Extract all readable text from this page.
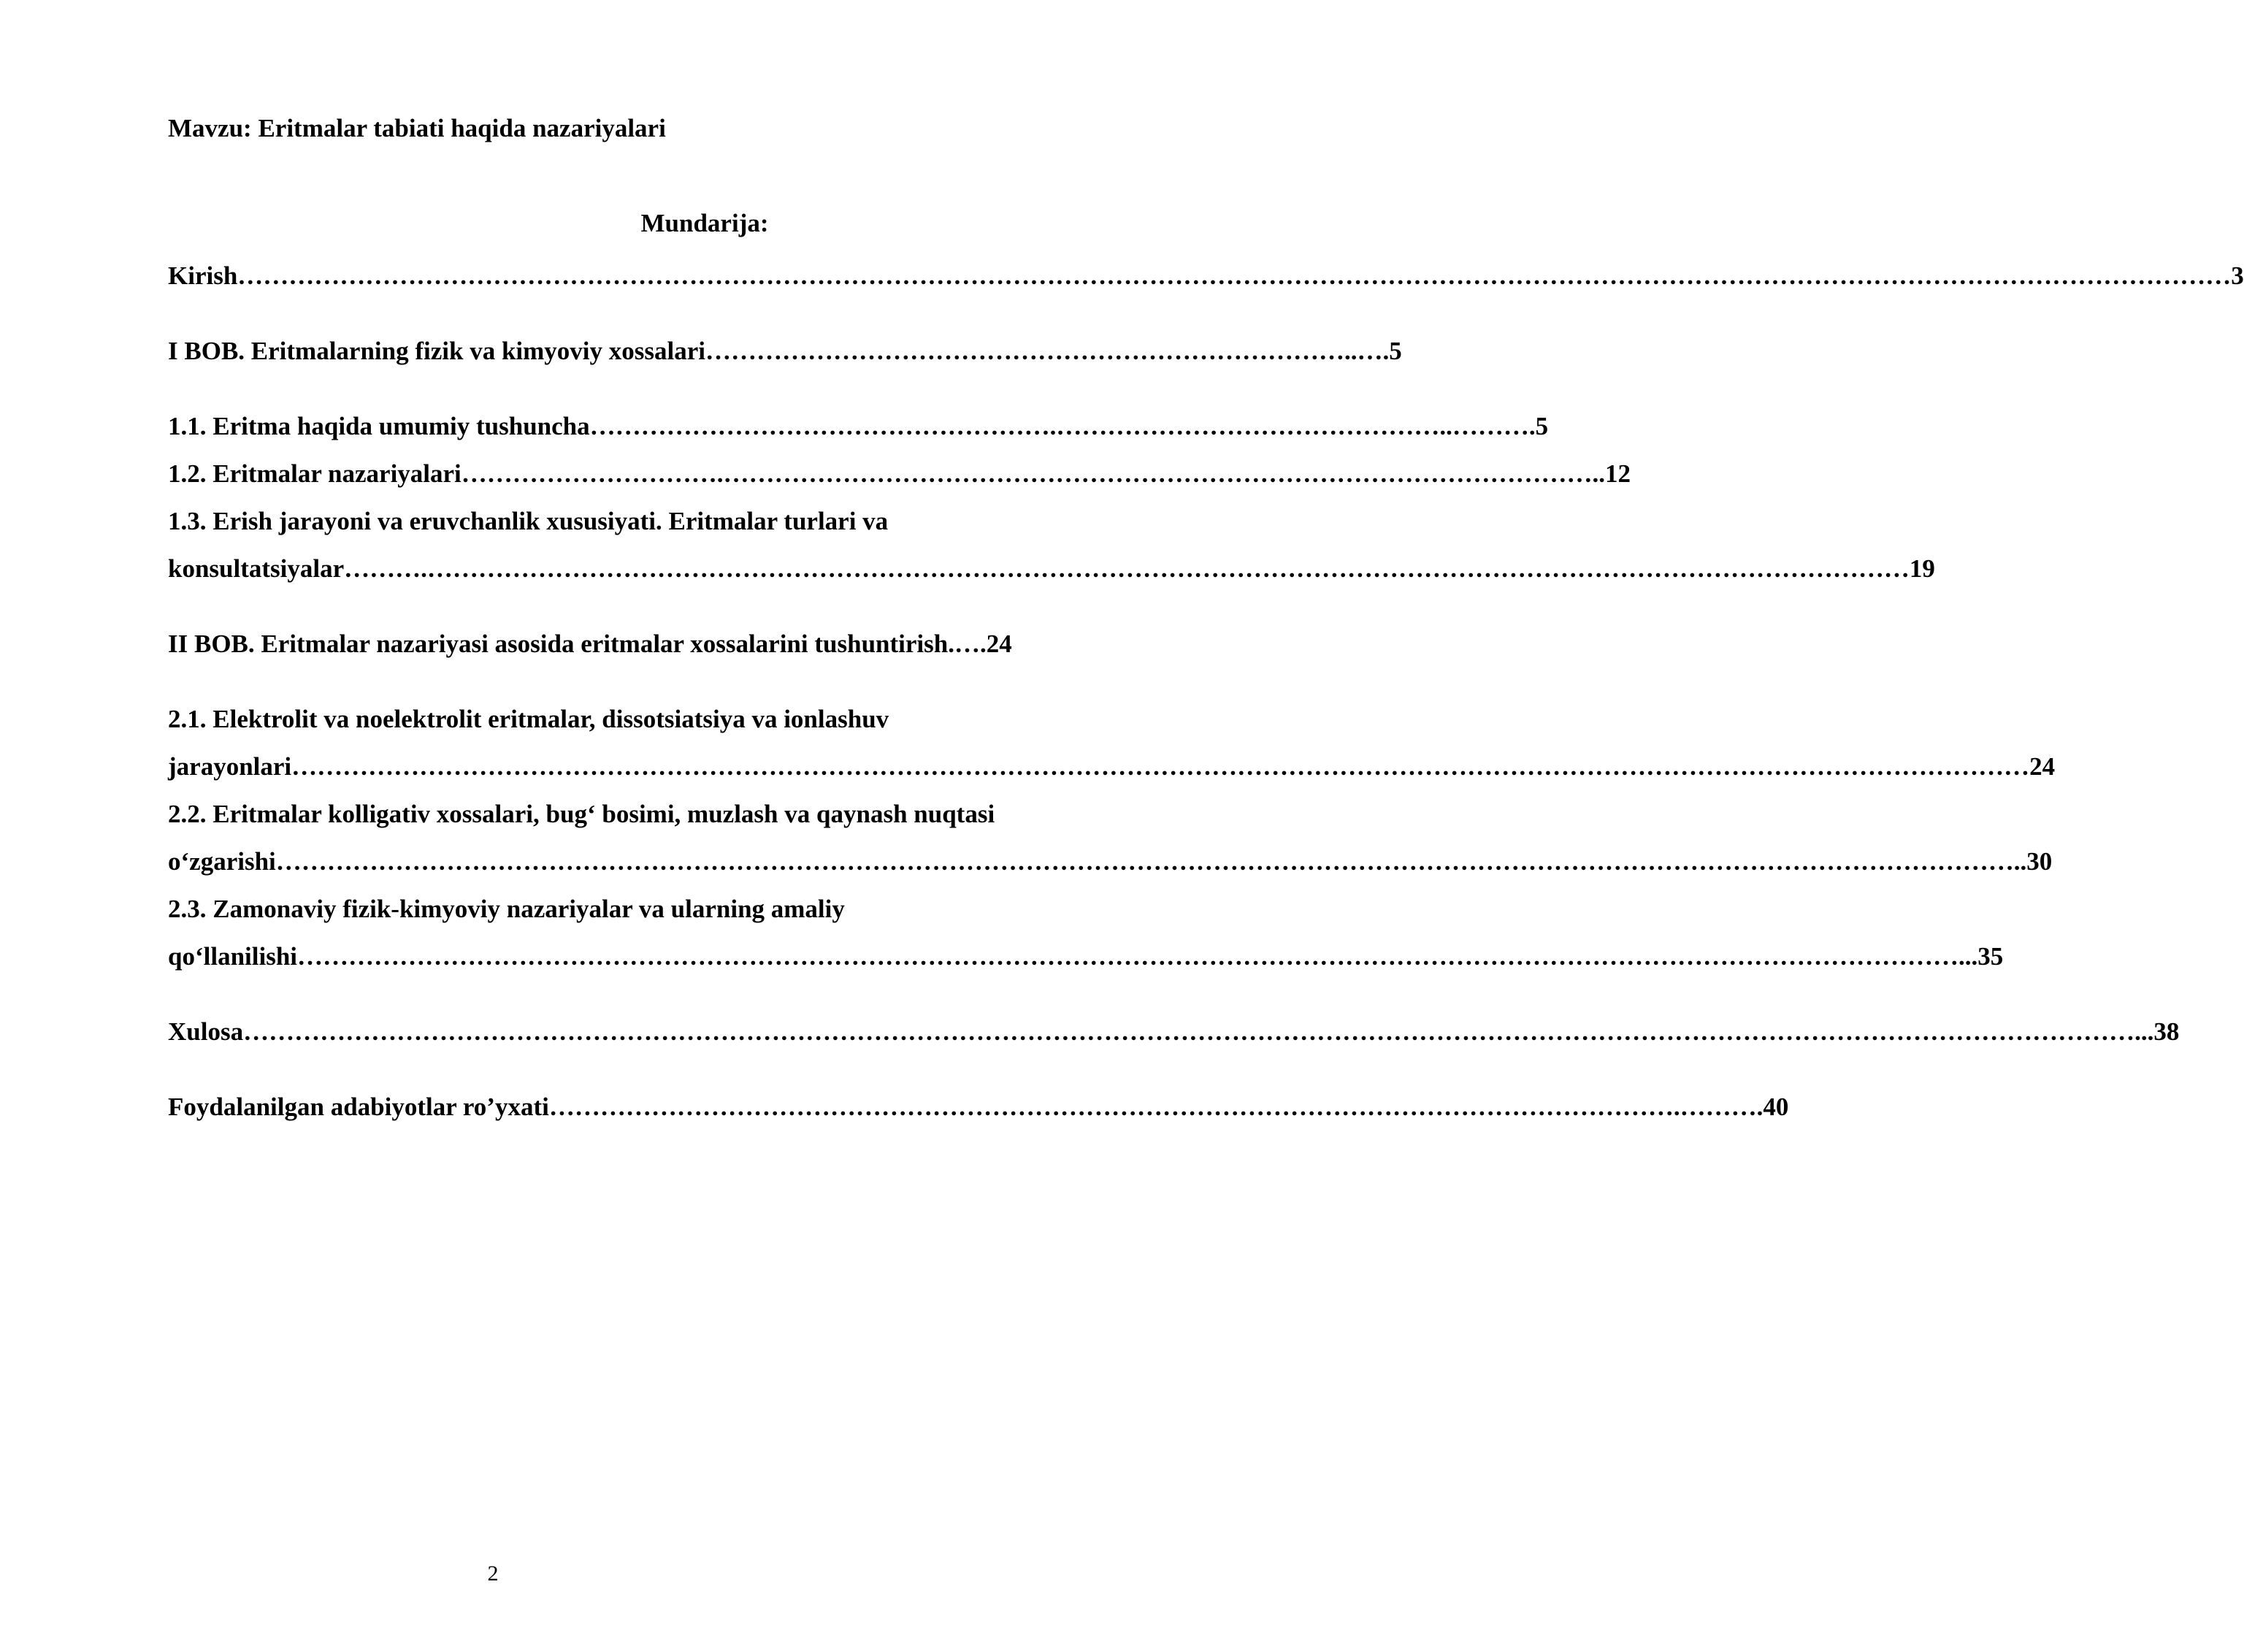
Mavzu: Eritmalar tabiati haqida nazariyalari

Mundarija:

Kirish………………………………………………………………………………………………………………………………………………………………………………………………………………3

I BOB. Eritmalarning fizik va kimyoviy xossalari…………………………………………………………………..….5

1.1. Eritma haqida umumiy tushuncha……………………………………………….………………………………………..……….5

1.2. Eritmalar nazariyalari………………………….…………………………………………………………………………………………..12

1.3. Erish jarayoni va eruvchanlik xususiyati. Eritmalar turlari va

konsultatsiyalar……….…………………………………………………………………………………………………………………………………………………………19

II BOB. Eritmalar nazariyasi asosida eritmalar xossalarini tushuntirish.….24

2.1. Elektrolit va noelektrolit eritmalar, dissotsiatsiya va ionlashuv

jarayonlari……………………………………………………………………………………………………………………………………………………………………………………24

2.2. Eritmalar kolligativ xossalari, bug‘ bosimi, muzlash va qaynash nuqtasi

o‘zgarishi……………………………………………………………………………………………………………………………………………………………………………………..30

2.3. Zamonaviy fizik-kimyoviy nazariyalar va ularning amaliy

qo‘llanilishi……………………………………………………………………………………………………………………………………………………………………………...35

Xulosa……………………………………………………………………………………………………………………………………………………………………………………………………...38

Foydalanilgan adabiyotlar ro’yxati…………………………………………………………………………………………………………………….……….40

2
